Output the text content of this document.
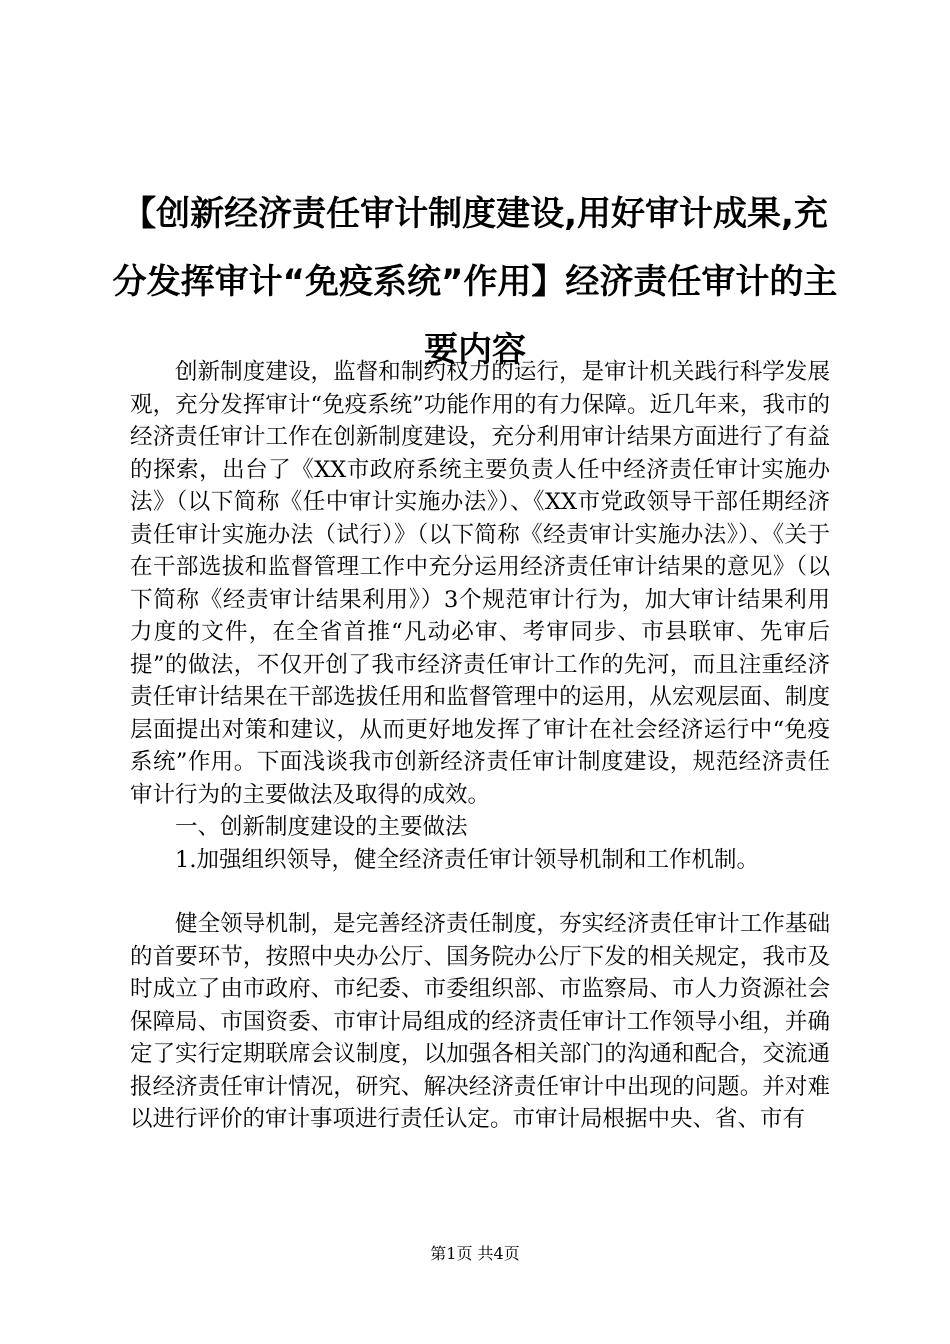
【创新经济责任审计制度建设,用好审计成果,充分发挥审计“免疫系统”作用】经济责任审计的主要内容

创新制度建设，监督和制约权力的运行，是审计机关践行科学发展观，充分发挥审计“免疫系统”功能作用的有力保障。近几年来，我市的经济责任审计工作在创新制度建设，充分利用审计结果方面进行了有益的探索，出台了《XX市政府系统主要负责人任中经济责任审计实施办法》（以下简称《任中审计实施办法》）、《XX市党政领导干部任期经济责任审计实施办法（试行）》（以下简称《经责审计实施办法》）、《关于在干部选拔和监督管理工作中充分运用经济责任审计结果的意见》（以下简称《经责审计结果利用》）3个规范审计行为，加大审计结果利用力度的文件，在全省首推“凡动必审、考审同步、市县联审、先审后提”的做法，不仅开创了我市经济责任审计工作的先河，而且注重经济责任审计结果在干部选拔任用和监督管理中的运用，从宏观层面、制度层面提出对策和建议，从而更好地发挥了审计在社会经济运行中“免疫系统”作用。下面浅谈我市创新经济责任审计制度建设，规范经济责任审计行为的主要做法及取得的成效。

一、创新制度建设的主要做法

1.加强组织领导，健全经济责任审计领导机制和工作机制。

健全领导机制，是完善经济责任制度，夯实经济责任审计工作基础的首要环节，按照中央办公厅、国务院办公厅下发的相关规定，我市及时成立了由市政府、市纪委、市委组织部、市监察局、市人力资源社会保障局、市国资委、市审计局组成的经济责任审计工作领导小组，并确定了实行定期联席会议制度，以加强各相关部门的沟通和配合，交流通报经济责任审计情况，研究、解决经济责任审计中出现的问题。并对难以进行评价的审计事项进行责任认定。市审计局根据中央、省、市有

第1页 共4页
